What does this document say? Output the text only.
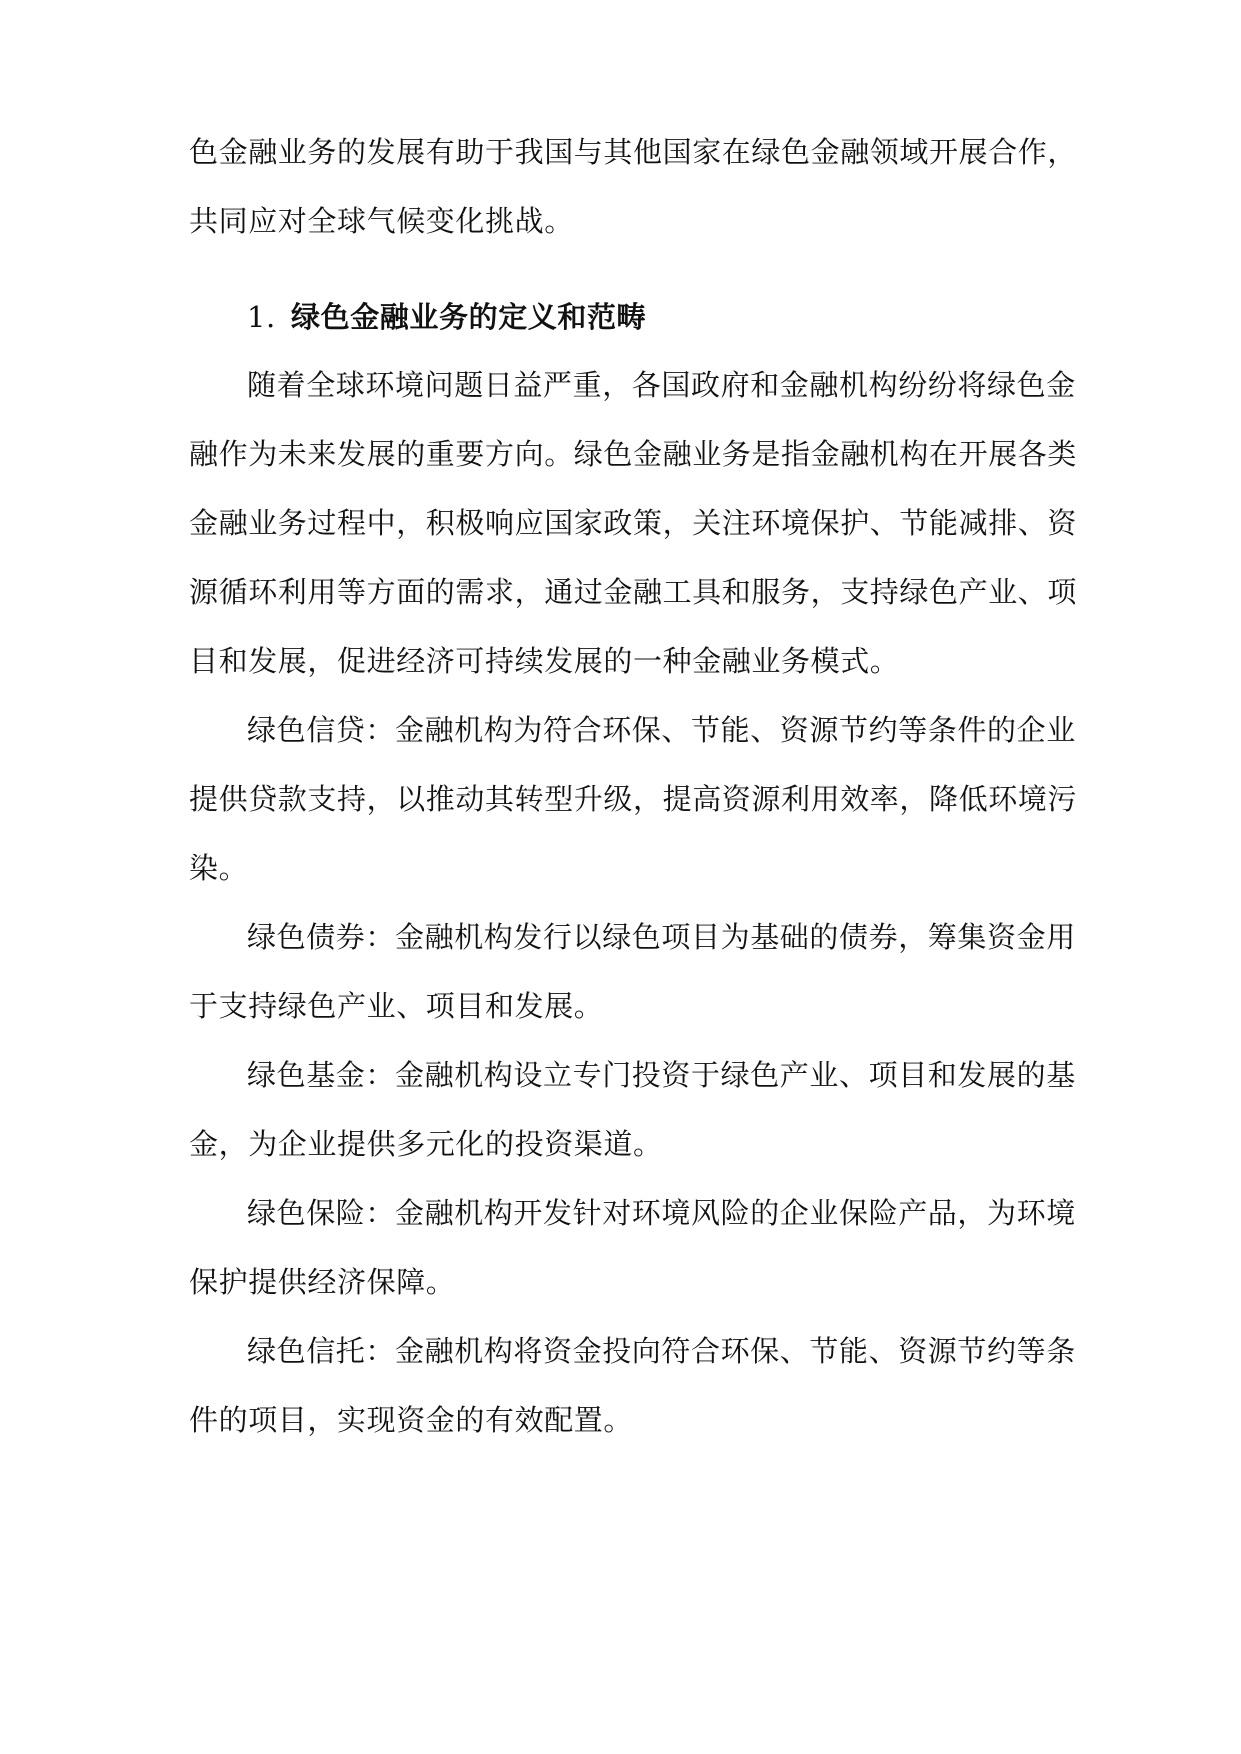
色金融业务的发展有助于我国与其他国家在绿色金融领域开展合作，
共同应对全球气候变化挑战。
1. 绿色金融业务的定义和范畴
随着全球环境问题日益严重，各国政府和金融机构纷纷将绿色金
融作为未来发展的重要方向。绿色金融业务是指金融机构在开展各类
金融业务过程中，积极响应国家政策，关注环境保护、节能减排、资
源循环利用等方面的需求，通过金融工具和服务，支持绿色产业、项
目和发展，促进经济可持续发展的一种金融业务模式。
绿色信贷：金融机构为符合环保、节能、资源节约等条件的企业
提供贷款支持，以推动其转型升级，提高资源利用效率，降低环境污
染。
绿色债券：金融机构发行以绿色项目为基础的债券，筹集资金用
于支持绿色产业、项目和发展。
绿色基金：金融机构设立专门投资于绿色产业、项目和发展的基
金，为企业提供多元化的投资渠道。
绿色保险：金融机构开发针对环境风险的企业保险产品，为环境
保护提供经济保障。
绿色信托：金融机构将资金投向符合环保、节能、资源节约等条
件的项目，实现资金的有效配置。
